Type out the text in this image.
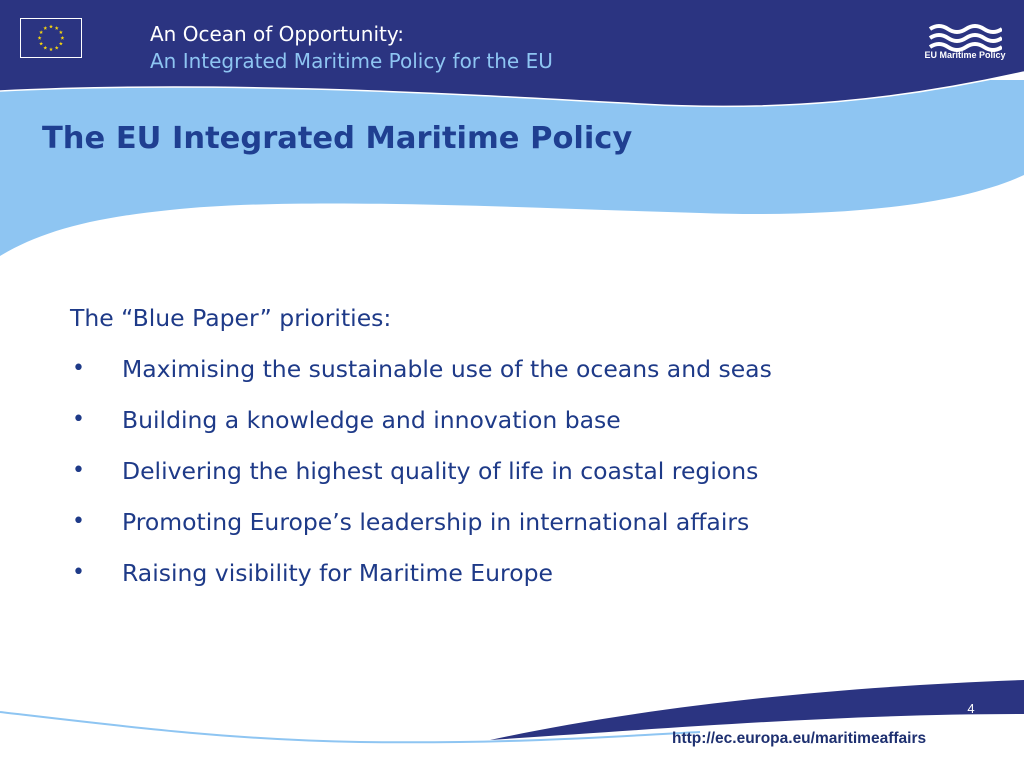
An Ocean of Opportunity:
An Integrated Maritime Policy for the EU	EU Maritime Policy
The EU Integrated Maritime Policy
The “Blue Paper” priorities:
• Maximising the sustainable use of the oceans and seas
• Building a knowledge and innovation base
• Delivering the highest quality of life in coastal regions
• Promoting Europe’s leadership in international affairs
• Raising visibility for Maritime Europe
4
http://ec.europa.eu/maritimeaffairs
